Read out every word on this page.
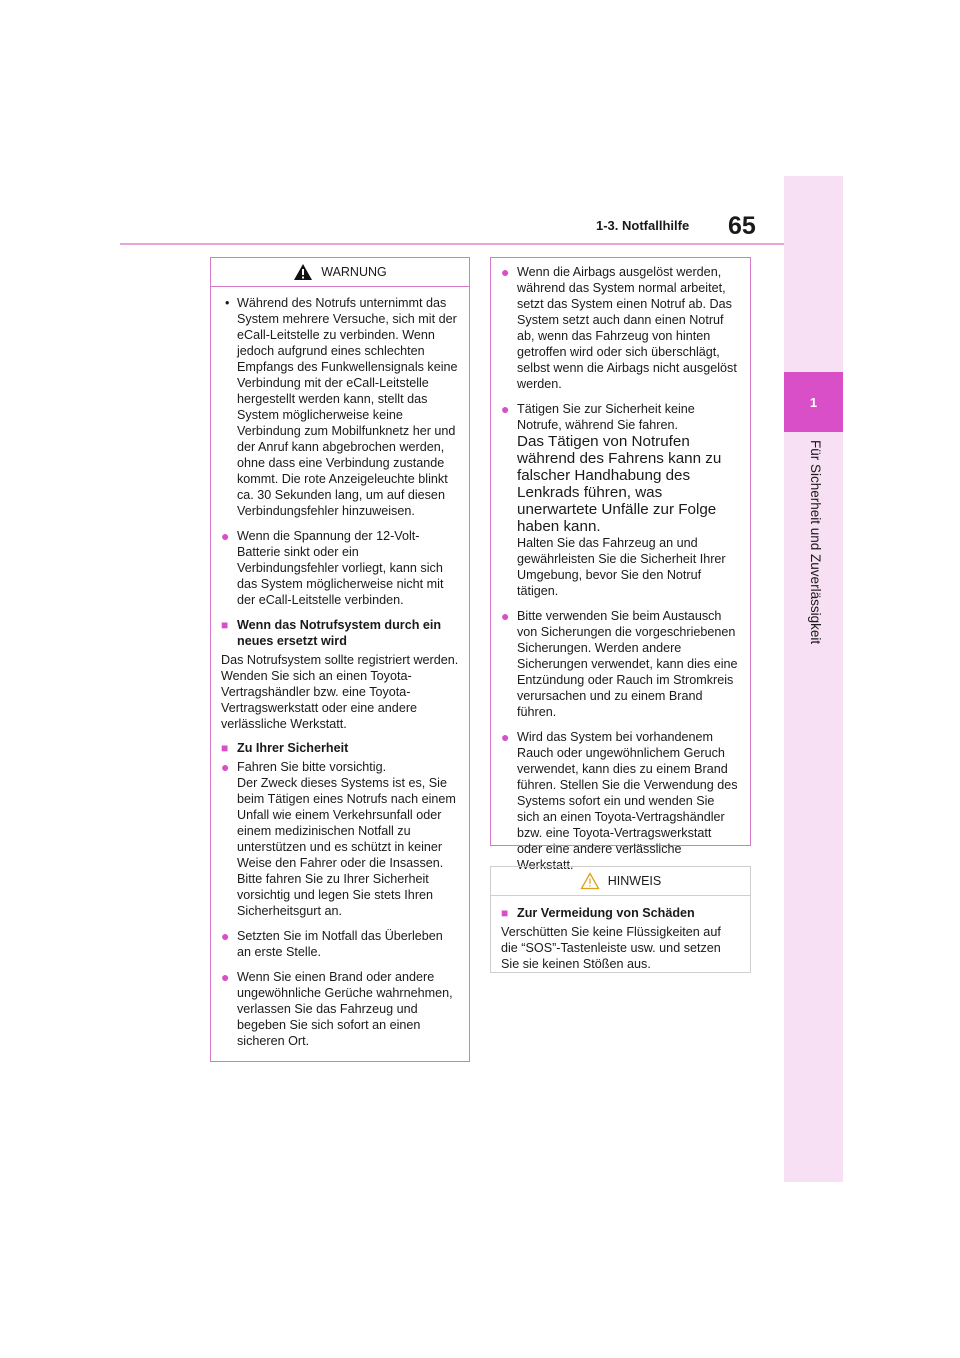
1-3. Notfallhilfe 65
1
Für Sicherheit und Zuverlässigkeit
WARNUNG
• Während des Notrufs unternimmt das System mehrere Versuche, sich mit der eCall-Leitstelle zu verbinden. Wenn jedoch aufgrund eines schlechten Empfangs des Funkwellensignals keine Verbindung mit der eCall-Leitstelle hergestellt werden kann, stellt das System möglicherweise keine Verbindung zum Mobilfunknetz her und der Anruf kann abgebrochen werden, ohne dass eine Verbindung zustande kommt. Die rote Anzeigeleuchte blinkt ca. 30 Sekunden lang, um auf diesen Verbindungsfehler hinzuweisen.

● Wenn die Spannung der 12-Volt-Batterie sinkt oder ein Verbindungsfehler vorliegt, kann sich das System möglicherweise nicht mit der eCall-Leitstelle verbinden.

■ Wenn das Notrufsystem durch ein neues ersetzt wird

Das Notrufsystem sollte registriert werden. Wenden Sie sich an einen Toyota-Vertragshändler bzw. eine Toyota-Vertragswerkstatt oder eine andere verlässliche Werkstatt.

■ Zu Ihrer Sicherheit

● Fahren Sie bitte vorsichtig.
Der Zweck dieses Systems ist es, Sie beim Tätigen eines Notrufs nach einem Unfall wie einem Verkehrsunfall oder einem medizinischen Notfall zu unterstützen und es schützt in keiner Weise den Fahrer oder die Insassen. Bitte fahren Sie zu Ihrer Sicherheit vorsichtig und legen Sie stets Ihren Sicherheitsgurt an.

● Setzten Sie im Notfall das Überleben an erste Stelle.

● Wenn Sie einen Brand oder andere ungewöhnliche Gerüche wahrnehmen, verlassen Sie das Fahrzeug und begeben Sie sich sofort an einen sicheren Ort.

● Wenn die Airbags ausgelöst werden, während das System normal arbeitet, setzt das System einen Notruf ab. Das System setzt auch dann einen Notruf ab, wenn das Fahrzeug von hinten getroffen wird oder sich überschlägt, selbst wenn die Airbags nicht ausgelöst werden.

● Tätigen Sie zur Sicherheit keine Notrufe, während Sie fahren.

Das Tätigen von Notrufen während des Fahrens kann zu falscher Handhabung des Lenkrads führen, was unerwartete Unfälle zur Folge haben kann.

Halten Sie das Fahrzeug an und gewährleisten Sie die Sicherheit Ihrer Umgebung, bevor Sie den Notruf tätigen.

● Bitte verwenden Sie beim Austausch von Sicherungen die vorgeschriebenen Sicherungen. Werden andere Sicherungen verwendet, kann dies eine Entzündung oder Rauch im Stromkreis verursachen und zu einem Brand führen.

● Wird das System bei vorhandenem Rauch oder ungewöhnlichem Geruch verwendet, kann dies zu einem Brand führen. Stellen Sie die Verwendung des Systems sofort ein und wenden Sie sich an einen Toyota-Vertragshändler bzw. eine Toyota-Vertragswerkstatt oder eine andere verlässliche Werkstatt.

HINWEIS
■ Zur Vermeidung von Schäden

Verschütten Sie keine Flüssigkeiten auf die “SOS”-Tastenleiste usw. und setzen Sie sie keinen Stößen aus.
